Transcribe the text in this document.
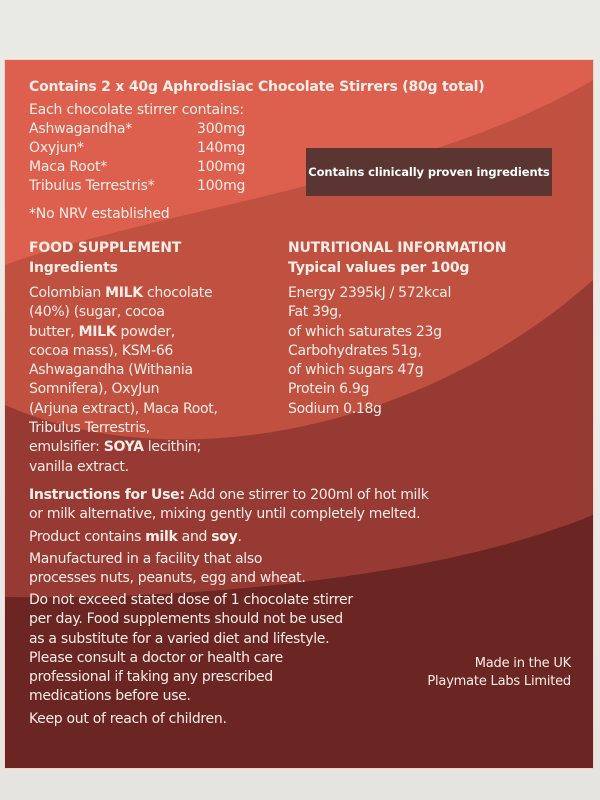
Contains 2 x 40g Aphrodisiac Chocolate Stirrers (80g total)
Each chocolate stirrer contains:
Ashwagandha*	300mg
Oxyjun*	140mg
Maca Root*	100mg
Tribulus Terrestris*	100mg
*No NRV established
Contains clinically proven ingredients
FOOD SUPPLEMENT
Ingredients
Colombian MILK chocolate
(40%) (sugar, cocoa
butter, MILK powder,
cocoa mass), KSM-66
Ashwagandha (Withania
Somnifera), OxyJun
(Arjuna extract), Maca Root,
Tribulus Terrestris,
emulsifier: SOYA lecithin;
vanilla extract.
NUTRITIONAL INFORMATION
Typical values per 100g
Energy 2395kJ / 572kcal
Fat 39g,
of which saturates 23g
Carbohydrates 51g,
of which sugars 47g
Protein 6.9g
Sodium 0.18g
Instructions for Use: Add one stirrer to 200ml of hot milk
or milk alternative, mixing gently until completely melted.
Product contains milk and soy.
Manufactured in a facility that also
processes nuts, peanuts, egg and wheat.
Do not exceed stated dose of 1 chocolate stirrer
per day. Food supplements should not be used
as a substitute for a varied diet and lifestyle.
Please consult a doctor or health care
professional if taking any prescribed
medications before use.
Keep out of reach of children.
Made in the UK
Playmate Labs Limited
